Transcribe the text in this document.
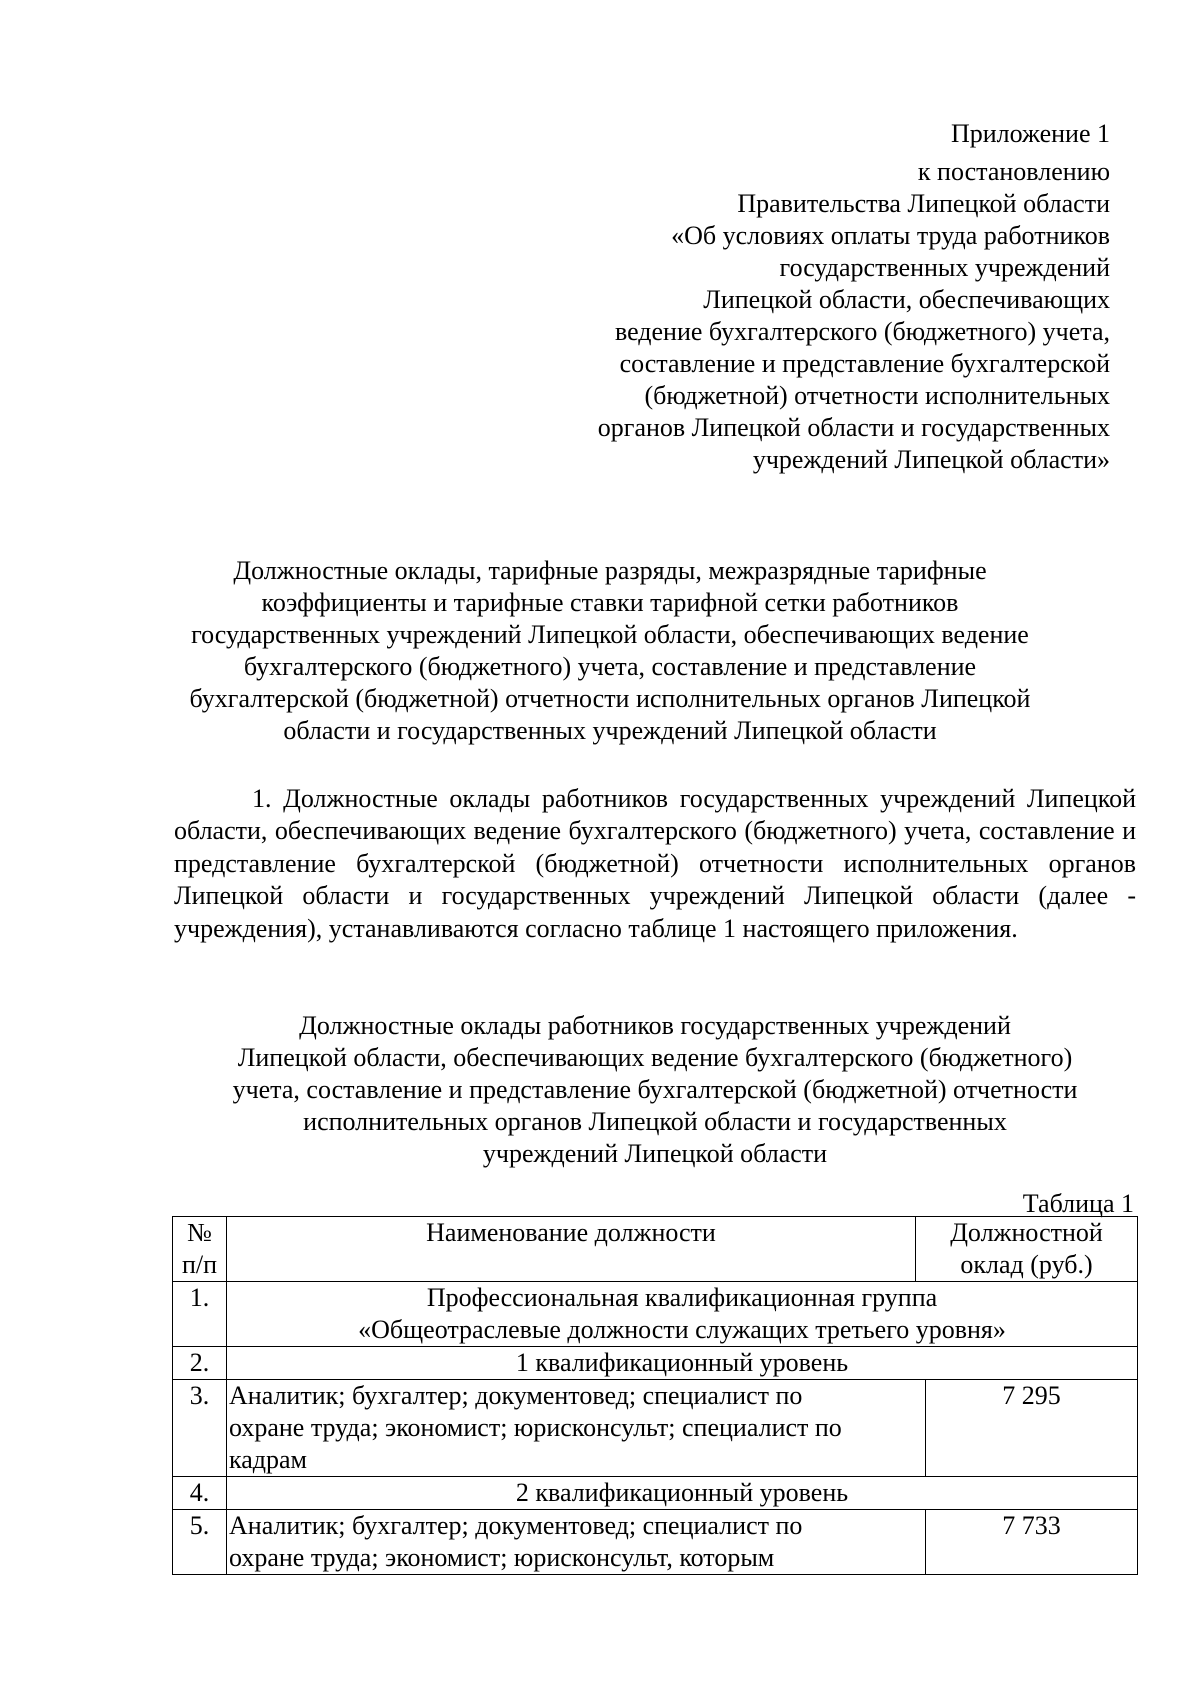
Приложение 1
к постановлению
Правительства Липецкой области
«Об условиях оплаты труда работников
государственных учреждений
Липецкой области, обеспечивающих
ведение бухгалтерского (бюджетного) учета,
составление и представление бухгалтерской
(бюджетной) отчетности исполнительных
органов Липецкой области и государственных
учреждений Липецкой области»
Должностные оклады, тарифные разряды, межразрядные тарифные
коэффициенты и тарифные ставки тарифной сетки работников
государственных учреждений Липецкой области, обеспечивающих ведение
бухгалтерского (бюджетного) учета, составление и представление
бухгалтерской (бюджетной) отчетности исполнительных органов Липецкой
области и государственных учреждений Липецкой области
1. Должностные оклады работников государственных учреждений Липецкой области, обеспечивающих ведение бухгалтерского (бюджетного) учета, составление и представление бухгалтерской (бюджетной) отчетности исполнительных органов Липецкой области и государственных учреждений Липецкой области (далее - учреждения), устанавливаются согласно таблице 1 настоящего приложения.
Должностные оклады работников государственных учреждений
Липецкой области, обеспечивающих ведение бухгалтерского (бюджетного)
учета, составление и представление бухгалтерской (бюджетной) отчетности
исполнительных органов Липецкой области и государственных
учреждений Липецкой области
Таблица 1
№
п/п	Наименование должности	Должностной
оклад (руб.)	

1.	Профессиональная квалификационная группа
«Общеотраслевые должности служащих третьего уровня»		

2.	1 квалификационный уровень		
3.	Аналитик; бухгалтер; документовед; специалист по
охране труда; экономист; юрисконсульт; специалист по
кадрам		7 295
4.	2 квалификационный уровень		
5.	Аналитик; бухгалтер; документовед; специалист по
охране труда; экономист; юрисконсульт, которым		7 733
